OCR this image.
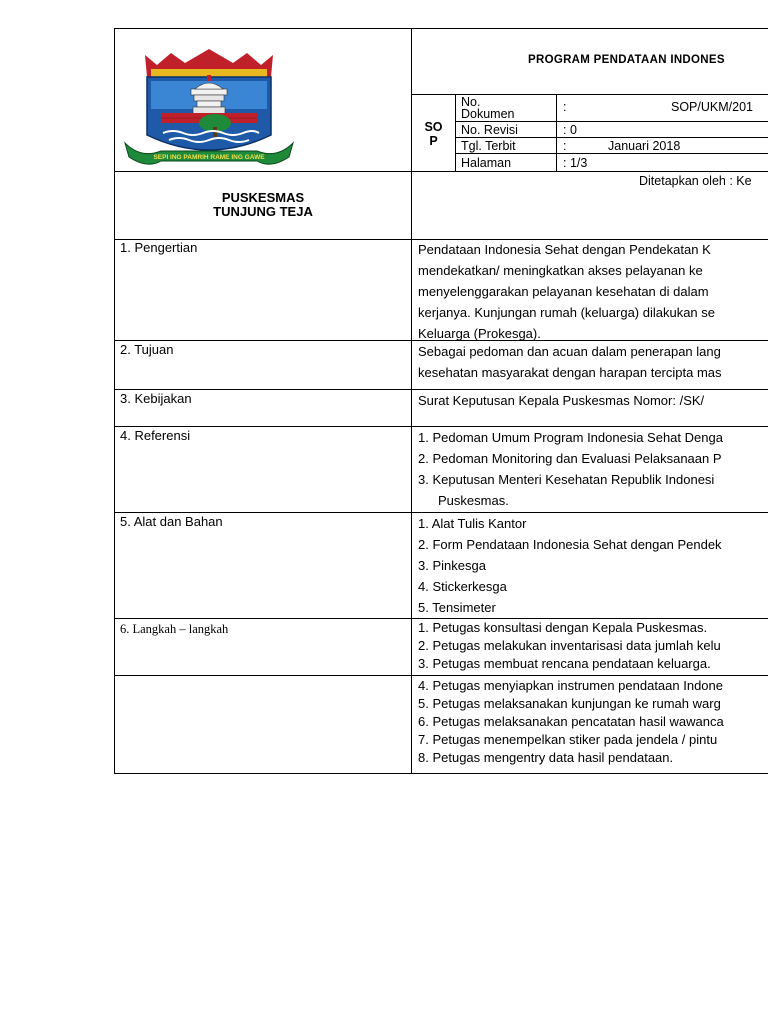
SEPI ING PAMRIH RAME ING GAWE
PUSKESMAS
TUNJUNG TEJA
PROGRAM PENDATAAN INDONES
SO
P
No.
Dokumen	:	SOP/UKM/201
No. Revisi	: 0
Tgl. Terbit	:	Januari 2018
Halaman	: 1/3
Ditetapkan oleh : Ke
1. Pengertian	Pendataan Indonesia Sehat dengan Pendekatan K
mendekatkan/ meningkatkan akses pelayanan ke
menyelenggarakan pelayanan kesehatan di dalam
kerjanya. Kunjungan rumah (keluarga) dilakukan se
Keluarga (Prokesga).
2. Tujuan	Sebagai pedoman dan acuan dalam penerapan lang
kesehatan masyarakat dengan harapan tercipta mas
3. Kebijakan	Surat Keputusan Kepala Puskesmas Nomor: /SK/
4. Referensi	1. Pedoman Umum Program Indonesia Sehat Denga
2. Pedoman Monitoring dan Evaluasi Pelaksanaan P
3. Keputusan Menteri Kesehatan Republik Indonesi
Puskesmas.
5. Alat dan Bahan	1. Alat Tulis Kantor
2. Form Pendataan Indonesia Sehat dengan Pendek
3. Pinkesga
4. Stickerkesga
5. Tensimeter
6. Langkah – langkah	1. Petugas konsultasi dengan Kepala Puskesmas.
2. Petugas melakukan inventarisasi data jumlah kelu
3. Petugas membuat rencana pendataan keluarga.
4. Petugas menyiapkan instrumen pendataan Indone
5. Petugas melaksanakan kunjungan ke rumah warg
6. Petugas melaksanakan pencatatan hasil wawanca
7. Petugas menempelkan stiker pada jendela / pintu
8. Petugas mengentry data hasil pendataan.
